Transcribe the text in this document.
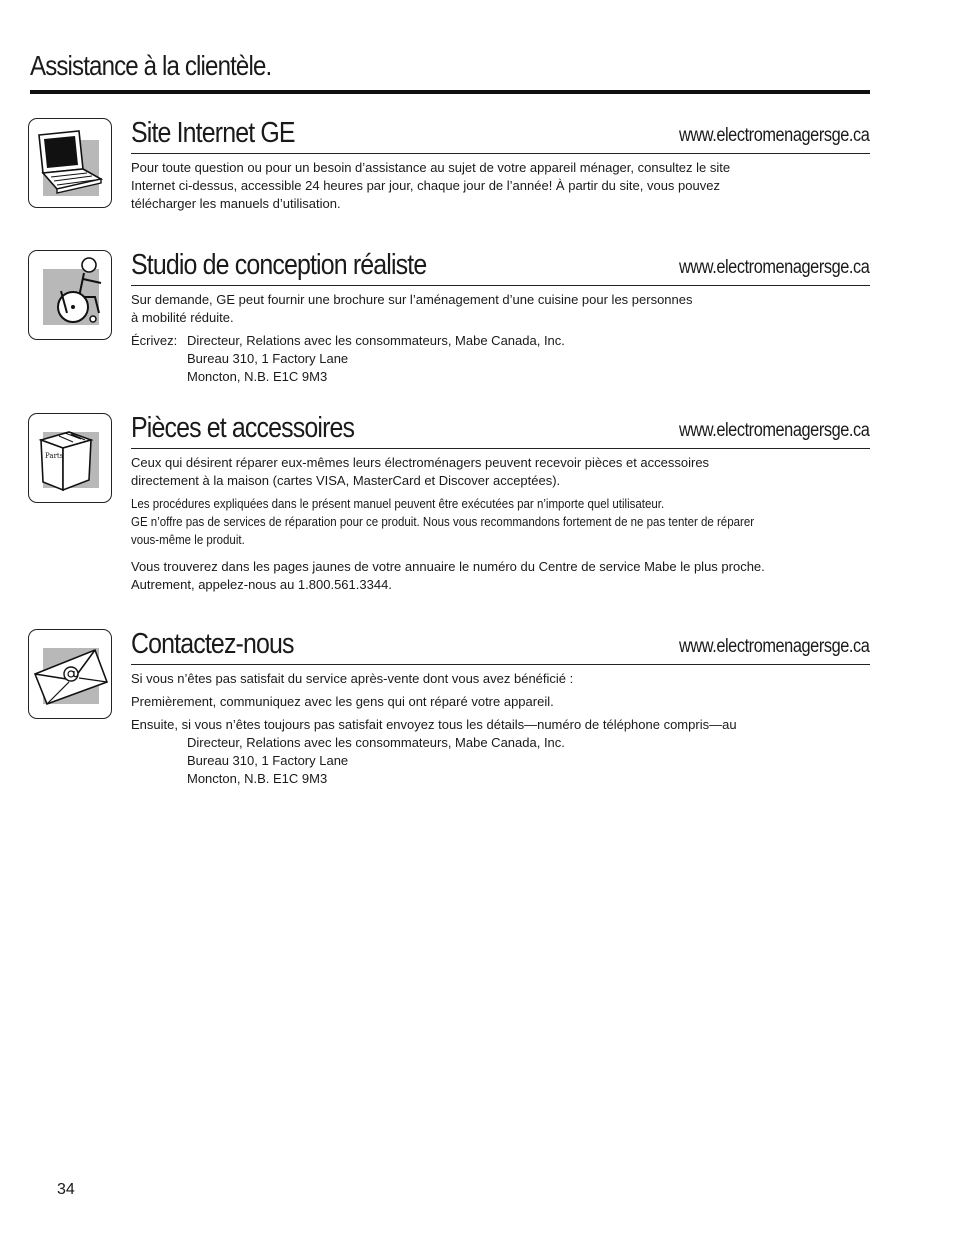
Assistance à la clientèle.
Site Internet GE	www.electromenagersge.ca

Pour toute question ou pour un besoin d’assistance au sujet de votre appareil ménager, consultez le site

Internet ci-dessus, accessible 24 heures par jour, chaque jour de l’année! À partir du site, vous pouvez

télécharger les manuels d’utilisation.

Studio de conception réaliste	www.electromenagersge.ca

Sur demande, GE peut fournir une brochure sur l’aménagement d’une cuisine pour les personnes

à mobilité réduite.

Écrivez: Directeur, Relations avec les consommateurs, Mabe Canada, Inc.

Bureau 310, 1 Factory Lane

Moncton, N.B. E1C 9M3

Parts
Pièces et accessoires	www.electromenagersge.ca

Ceux qui désirent réparer eux-mêmes leurs électroménagers peuvent recevoir pièces et accessoires

directement à la maison (cartes VISA, MasterCard et Discover acceptées).

Les procédures expliquées dans le présent manuel peuvent être exécutées par n’importe quel utilisateur.

GE n’offre pas de services de réparation pour ce produit. Nous vous recommandons fortement de ne pas tenter de réparer

vous-même le produit.

Vous trouverez dans les pages jaunes de votre annuaire le numéro du Centre de service Mabe le plus proche.

Autrement, appelez-nous au 1.800.561.3344.

Contactez-nous	www.electromenagersge.ca

Si vous n’êtes pas satisfait du service après-vente dont vous avez bénéficié :

Premièrement, communiquez avec les gens qui ont réparé votre appareil.

Ensuite, si vous n’êtes toujours pas satisfait envoyez tous les détails—numéro de téléphone compris—au

Directeur, Relations avec les consommateurs, Mabe Canada, Inc.

Bureau 310, 1 Factory Lane

Moncton, N.B. E1C 9M3

34
